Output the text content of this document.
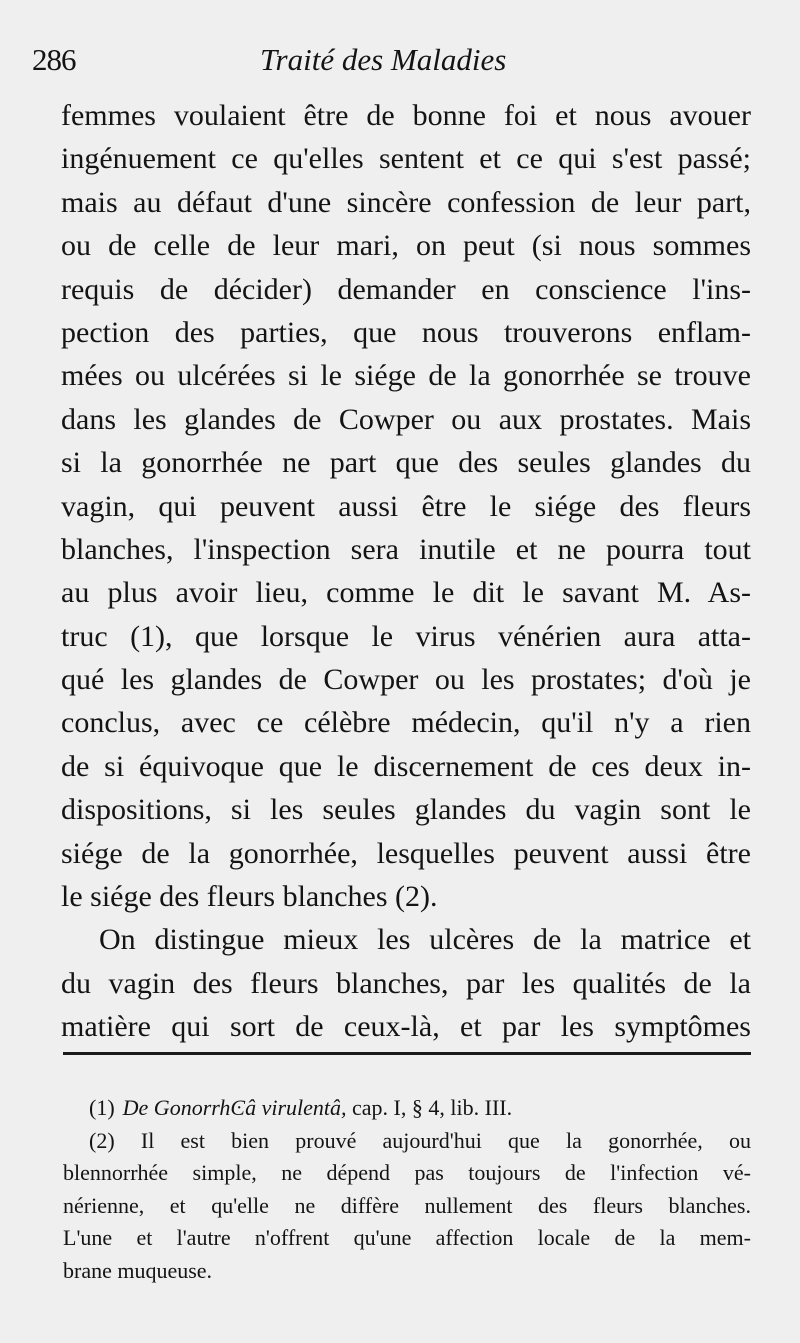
286	Traité des Maladies
femmes voulaient être de bonne foi et nous avouer
ingénuement ce qu'elles sentent et ce qui s'est passé;
mais au défaut d'une sincère confession de leur part,
ou de celle de leur mari, on peut (si nous sommes
requis de décider) demander en conscience l'ins-
pection des parties, que nous trouverons enflam-
mées ou ulcérées si le siége de la gonorrhée se trouve
dans les glandes de Cowper ou aux prostates. Mais
si la gonorrhée ne part que des seules glandes du
vagin, qui peuvent aussi être le siége des fleurs
blanches, l'inspection sera inutile et ne pourra tout
au plus avoir lieu, comme le dit le savant M. As-
truc (1), que lorsque le virus vénérien aura atta-
qué les glandes de Cowper ou les prostates; d'où je
conclus, avec ce célèbre médecin, qu'il n'y a rien
de si équivoque que le discernement de ces deux in-
dispositions, si les seules glandes du vagin sont le
siége de la gonorrhée, lesquelles peuvent aussi être
le siége des fleurs blanches (2).
On distingue mieux les ulcères de la matrice et
du vagin des fleurs blanches, par les qualités de la
matière qui sort de ceux-là, et par les symptômes
(1) De GonorrhϾâ virulentâ, cap. I, § 4, lib. III.
(2) Il est bien prouvé aujourd'hui que la gonorrhée, ou
blennorrhée simple, ne dépend pas toujours de l'infection vé-
nérienne, et qu'elle ne diffère nullement des fleurs blanches.
L'une et l'autre n'offrent qu'une affection locale de la mem-
brane muqueuse.
